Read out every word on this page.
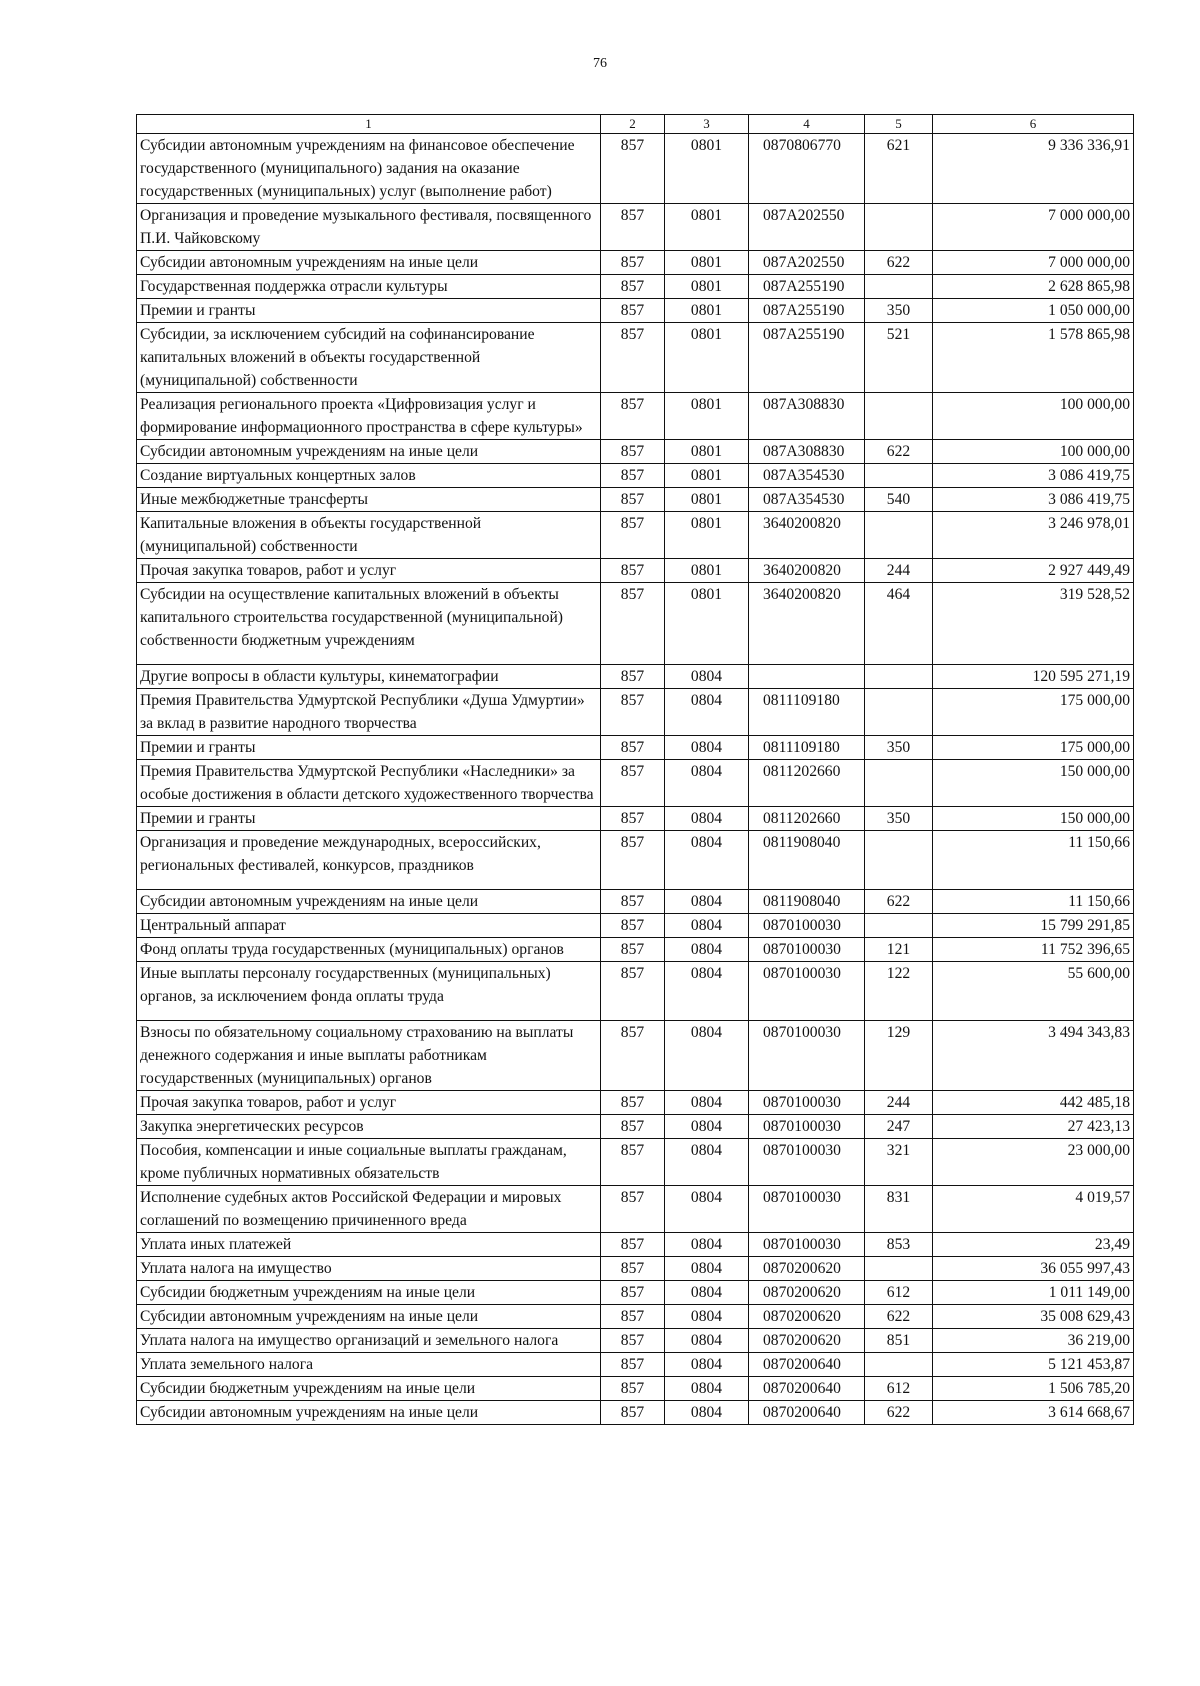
76
1	2	3	4	5	6
Субсидии автономным учреждениям на финансовое обеспечение государственного (муниципального) задания на оказание государственных (муниципальных) услуг (выполнение работ)	857	0801	0870806770	621	9 336 336,91
Организация и проведение музыкального фестиваля, посвященного П.И. Чайковскому	857	0801	087A202550		7 000 000,00
Субсидии автономным учреждениям на иные цели	857	0801	087A202550	622	7 000 000,00
Государственная поддержка отрасли культуры	857	0801	087A255190		2 628 865,98
Премии и гранты	857	0801	087A255190	350	1 050 000,00
Субсидии, за исключением субсидий на софинансирование капитальных вложений в объекты государственной (муниципальной) собственности	857	0801	087A255190	521	1 578 865,98
Реализация регионального проекта «Цифровизация услуг и формирование информационного пространства в сфере культуры»	857	0801	087A308830		100 000,00
Субсидии автономным учреждениям на иные цели	857	0801	087A308830	622	100 000,00
Создание виртуальных концертных залов	857	0801	087A354530		3 086 419,75
Иные межбюджетные трансферты	857	0801	087A354530	540	3 086 419,75
Капитальные вложения в объекты государственной (муниципальной) собственности	857	0801	3640200820		3 246 978,01
Прочая закупка товаров, работ и услуг	857	0801	3640200820	244	2 927 449,49
Субсидии на осуществление капитальных вложений в объекты капитального строительства государственной (муниципальной) собственности бюджетным учреждениям	857	0801	3640200820	464	319 528,52
Другие вопросы в области культуры, кинематографии	857	0804			120 595 271,19
Премия Правительства Удмуртской Республики «Душа Удмуртии» за вклад в развитие народного творчества	857	0804	0811109180		175 000,00
Премии и гранты	857	0804	0811109180	350	175 000,00
Премия Правительства Удмуртской Республики «Наследники» за особые достижения в области детского художественного творчества	857	0804	0811202660		150 000,00
Премии и гранты	857	0804	0811202660	350	150 000,00
Организация и проведение международных, всероссийских, региональных фестивалей, конкурсов, праздников	857	0804	0811908040		11 150,66
Субсидии автономным учреждениям на иные цели	857	0804	0811908040	622	11 150,66
Центральный аппарат	857	0804	0870100030		15 799 291,85
Фонд оплаты труда государственных (муниципальных) органов	857	0804	0870100030	121	11 752 396,65
Иные выплаты персоналу государственных (муниципальных) органов, за исключением фонда оплаты труда	857	0804	0870100030	122	55 600,00
Взносы по обязательному социальному страхованию на выплаты денежного содержания и иные выплаты работникам государственных (муниципальных) органов	857	0804	0870100030	129	3 494 343,83
Прочая закупка товаров, работ и услуг	857	0804	0870100030	244	442 485,18
Закупка энергетических ресурсов	857	0804	0870100030	247	27 423,13
Пособия, компенсации и иные социальные выплаты гражданам, кроме публичных нормативных обязательств	857	0804	0870100030	321	23 000,00
Исполнение судебных актов Российской Федерации и мировых соглашений по возмещению причиненного вреда	857	0804	0870100030	831	4 019,57
Уплата иных платежей	857	0804	0870100030	853	23,49
Уплата налога на имущество	857	0804	0870200620		36 055 997,43
Субсидии бюджетным учреждениям на иные цели	857	0804	0870200620	612	1 011 149,00
Субсидии автономным учреждениям на иные цели	857	0804	0870200620	622	35 008 629,43
Уплата налога на имущество организаций и земельного налога	857	0804	0870200620	851	36 219,00
Уплата земельного налога	857	0804	0870200640		5 121 453,87
Субсидии бюджетным учреждениям на иные цели	857	0804	0870200640	612	1 506 785,20
Субсидии автономным учреждениям на иные цели	857	0804	0870200640	622	3 614 668,67
